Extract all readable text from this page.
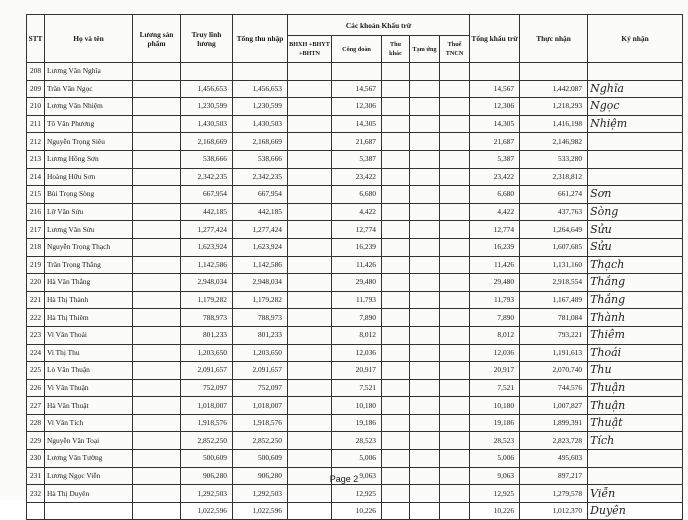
STT	Họ và tên	Lương sản phẩm	Truy lĩnh lương	Tổng thu nhập	Các khoản Khấu trừ					Tổng khấu trừ	Thực nhận	Ký nhận
					BHXH +BHYT +BHTN	Công đoàn	Thu khác	Tạm ứng	Thuế TNCN			
208	Lương Văn Nghĩa											
209	Trần Văn Ngọc		1,456,653	1,456,653		14,567				14,567	1,442,087	Nghĩa
210	Lương Văn Nhiệm		1,230,599	1,230,599		12,306				12,306	1,218,293	Ngọc
211	Tô Văn Phương		1,430,503	1,430,503		14,305				14,305	1,416,198	Nhiệm
212	Nguyễn Trọng Siêu		2,168,669	2,168,669		21,687				21,687	2,146,982	
213	Lương Hồng Sơn		538,666	538,666		5,387				5,387	533,280	
214	Hoàng Hữu Sơn		2,342,235	2,342,235		23,422				23,422	2,318,812	
215	Bùi Trọng Sòng		667,954	667,954		6,680				6,680	661,274	Sơn
216	Lữ Văn Sửu		442,185	442,185		4,422				4,422	437,763	Sòng
217	Lương Văn Sửu		1,277,424	1,277,424		12,774				12,774	1,264,649	Sửu
218	Nguyễn Trọng Thạch		1,623,924	1,623,924		16,239				16,239	1,607,685	Sửu
219	Trần Trọng Thắng		1,142,586	1,142,586		11,426				11,426	1,131,160	Thạch
220	Hà Văn Thắng		2,948,034	2,948,034		29,480				29,480	2,918,554	Thắng
221	Hà Thị Thành		1,179,282	1,179,282		11,793				11,793	1,167,489	Thắng
222	Hà Thị Thiêm		788,973	788,973		7,890				7,890	781,084	Thành
223	Vi Văn Thoái		801,233	801,233		8,012				8,012	793,221	Thiêm
224	Vi Thị Thu		1,203,650	1,203,650		12,036				12,036	1,191,613	Thoái
225	Lò Văn Thuận		2,091,657	2,091,657		20,917				20,917	2,070,740	Thu
226	Vi Văn Thuận		752,097	752,097		7,521				7,521	744,576	Thuận
227	Hà Văn Thuật		1,018,007	1,018,007		10,180				10,180	1,007,827	Thuận
228	Vi Văn Tích		1,918,576	1,918,576		19,186				19,186	1,899,391	Thuật
229	Nguyễn Văn Toại		2,852,250	2,852,250		28,523				28,523	2,823,728	Tích
230	Lương Văn Tường		500,609	500,609		5,006				5,006	495,603	
231	Lương Ngọc Viễn		906,280	906,280		9,063				9,063	897,217	
232	Hà Thị Duyên		1,292,503	1,292,503		12,925				12,925	1,279,578	Viễn
			1,022,596	1,022,596		10,226				10,226	1,012,370	Duyên
Page 2
